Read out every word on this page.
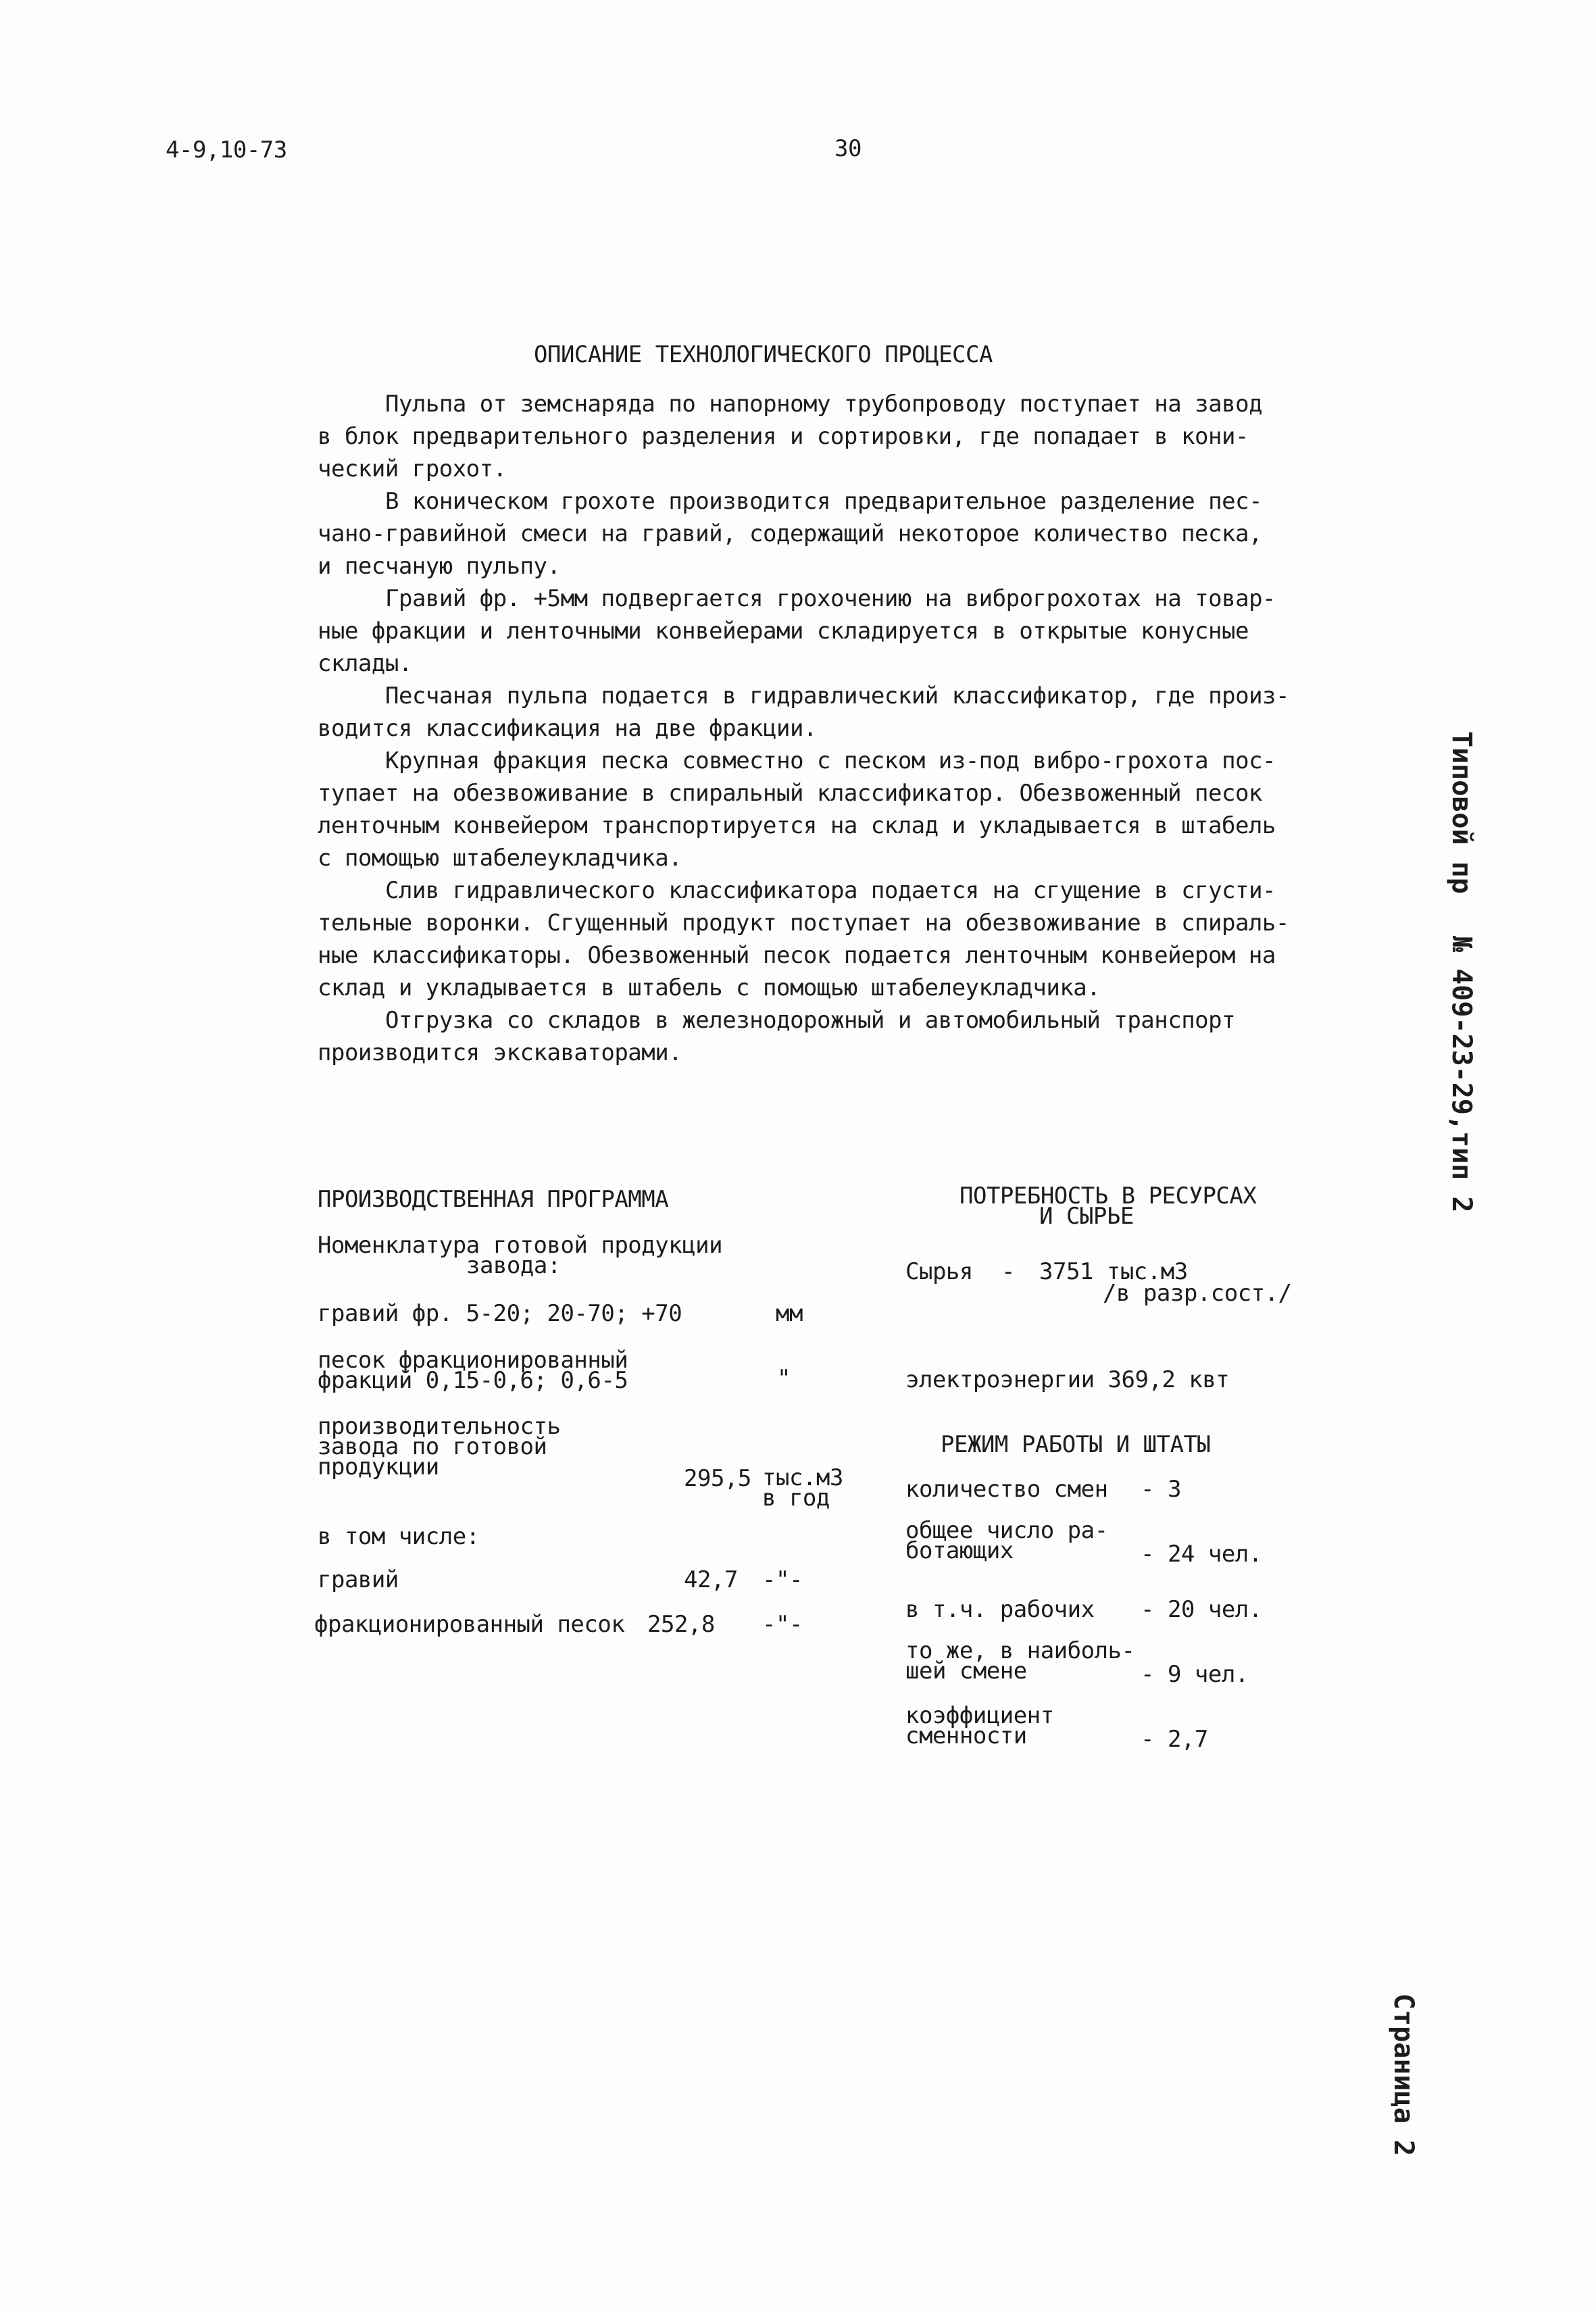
4-9,10-73	30
ОПИСАНИЕ ТЕХНОЛОГИЧЕСКОГО ПРОЦЕССА
Пульпа от земснаряда по напорному трубопроводу поступает на завод
в блок предварительного разделения и сортировки, где попадает в кони-
ческий грохот.
В коническом грохоте производится предварительное разделение пес-
чано-гравийной смеси на гравий, содержащий некоторое количество песка,
и песчаную пульпу.
Гравий фр. +5мм подвергается грохочению на виброгрохотах на товар-
ные фракции и ленточными конвейерами складируется в открытые конусные
склады.
Песчаная пульпа подается в гидравлический классификатор, где произ-
водится классификация на две фракции.
Крупная фракция песка совместно с песком из-под вибро-грохота пос-
тупает на обезвоживание в спиральный классификатор. Обезвоженный песок
ленточным конвейером транспортируется на склад и укладывается в штабель
с помощью штабелеукладчика.
Слив гидравлического классификатора подается на сгущение в сгусти-
тельные воронки. Сгущенный продукт поступает на обезвоживание в спираль-
ные классификаторы. Обезвоженный песок подается ленточным конвейером на
склад и укладывается в штабель с помощью штабелеукладчика.
Отгрузка со складов в железнодорожный и автомобильный транспорт
производится экскаваторами.
ПРОИЗВОДСТВЕННАЯ ПРОГРАММА
Номенклатура готовой продукции
завода:
гравий фр. 5-20; 20-70; +70	мм
песок фракционированный
фракций 0,15-0,6; 0,6-5	"
производительность
завода по готовой
продукции	295,5 тыс.м3
в год
в том числе:
гравий	42,7 -"-
фракционированный песок 252,8 -"-
ПОТРЕБНОСТЬ В РЕСУРСАХ
И СЫРЬЕ
Сырья - 3751 тыс.м3
/в разр.сост./
электроэнергии 369,2 квт
РЕЖИМ РАБОТЫ И ШТАТЫ
количество смен - 3
общее число ра-
ботающих	- 24 чел.
в т.ч. рабочих - 20 чел.
то же, в наиболь-
шей смене	- 9 чел.
коэффициент
сменности	- 2,7
Типовой пр
№ 409-23-29,тип 2
Страница 2
